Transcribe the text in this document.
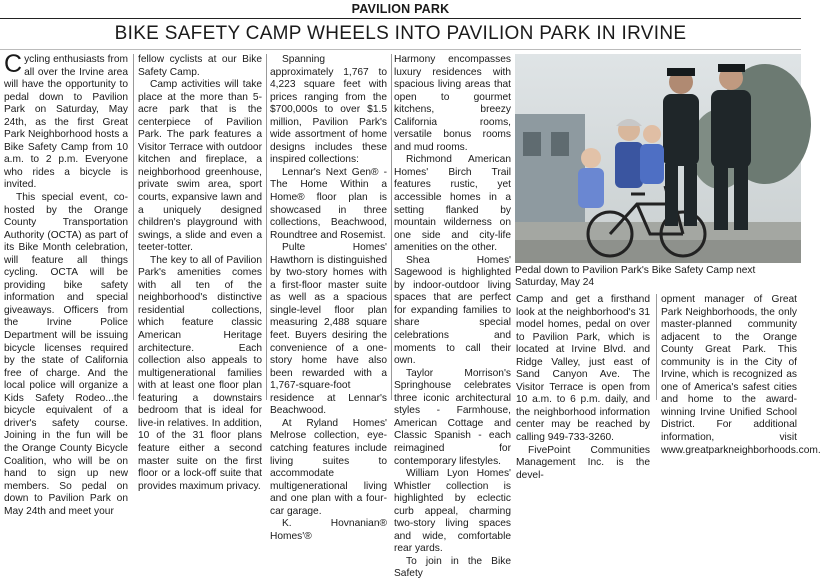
PAVILION PARK
BIKE SAFETY CAMP WHEELS INTO PAVILION PARK IN IRVINE

Cycling enthusiasts from all over the Irvine area will have the opportunity to pedal down to Pavilion Park on Saturday, May 24th, as the first Great Park Neighborhood hosts a Bike Safety Camp from 10 a.m. to 2 p.m. Everyone who rides a bicycle is invited.

This special event, co-hosted by the Orange County Transportation Authority (OCTA) as part of its Bike Month celebration, will feature all things cycling. OCTA will be providing bike safety information and special giveaways. Officers from the Irvine Police Department will be issuing bicycle licenses required by the state of California free of charge. And the local police will organize a Kids Safety Rodeo...the bicycle equivalent of a driver's safety course. Joining in the fun will be the Orange County Bicycle Coalition, who will be on hand to sign up new members. So pedal on down to Pavilion Park on May 24th and meet your

fellow cyclists at our Bike Safety Camp.

Camp activities will take place at the more than 5-acre park that is the centerpiece of Pavilion Park. The park features a Visitor Terrace with outdoor kitchen and fireplace, a neighborhood greenhouse, private swim area, sport courts, expansive lawn and a uniquely designed children's playground with swings, a slide and even a teeter-totter.

The key to all of Pavilion Park's amenities comes with all ten of the neighborhood's distinctive residential collections, which feature classic American Heritage architecture. Each collection also appeals to multigenerational families with at least one floor plan featuring a downstairs bedroom that is ideal for live-in relatives. In addition, 10 of the 31 floor plans feature either a second master suite on the first floor or a lock-off suite that provides maximum privacy.

Spanning approximately 1,767 to 4,223 square feet with prices ranging from the $700,000s to over $1.5 million, Pavilion Park's wide assortment of home designs includes these inspired collections:

Lennar's Next Gen® - The Home Within a Home® floor plan is showcased in three collections, Beachwood, Roundtree and Rosemist.

Pulte Homes' Hawthorn is distinguished by two-story homes with a first-floor master suite as well as a spacious single-level floor plan measuring 2,488 square feet. Buyers desiring the convenience of a one-story home have also been rewarded with a 1,767-square-foot residence at Lennar's Beachwood.

At Ryland Homes' Melrose collection, eye-catching features include living suites to accommodate multigenerational living and one plan with a four-car garage.

K. Hovnanian® Homes'®

Harmony encompasses luxury residences with spacious living areas that open to gourmet kitchens, breezy California rooms, versatile bonus rooms and mud rooms.

Richmond American Homes' Birch Trail features rustic, yet accessible homes in a setting flanked by mountain wilderness on one side and city-life amenities on the other.

Shea Homes' Sagewood is highlighted by indoor-outdoor living spaces that are perfect for expanding families to share special celebrations and moments to call their own.

Taylor Morrison's Springhouse celebrates three iconic architectural styles - Farmhouse, American Cottage and Classic Spanish - each reimagined for contemporary lifestyles.

William Lyon Homes' Whistler collection is highlighted by eclectic curb appeal, charming two-story living spaces and wide, comfortable rear yards.

To join in the Bike Safety

Pedal down to Pavilion Park's Bike Safety Camp next Saturday, May 24

Camp and get a firsthand look at the neighborhood's 31 model homes, pedal on over to Pavilion Park, which is located at Irvine Blvd. and Ridge Valley, just east of Sand Canyon Ave. The Visitor Terrace is open from 10 a.m. to 6 p.m. daily, and the neighborhood information center may be reached by calling 949-733-3260.

FivePoint Communities Management Inc. is the devel-

opment manager of Great Park Neighborhoods, the only master-planned community adjacent to the Orange County Great Park. This community is in the City of Irvine, which is recognized as one of America's safest cities and home to the award-winning Irvine Unified School District. For additional information, visit www.greatparkneighborhoods.com.
